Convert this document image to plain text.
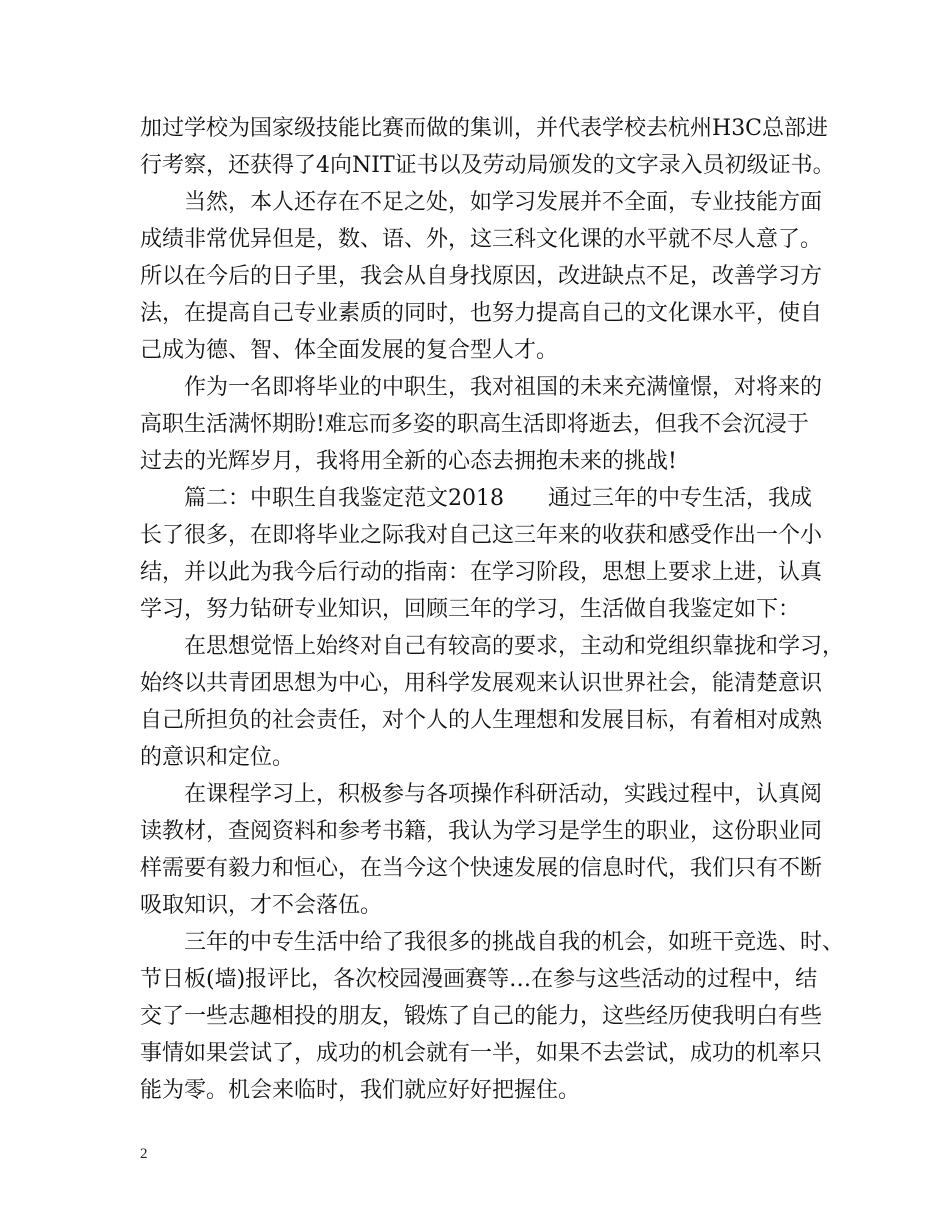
加过学校为国家级技能比赛而做的集训，并代表学校去杭州H3C总部进
行考察，还获得了4向NIT证书以及劳动局颁发的文字录入员初级证书。
当然，本人还存在不足之处，如学习发展并不全面，专业技能方面
成绩非常优异但是，数、语、外，这三科文化课的水平就不尽人意了。
所以在今后的日子里，我会从自身找原因，改进缺点不足，改善学习方
法，在提高自己专业素质的同时，也努力提高自己的文化课水平，使自
己成为德、智、体全面发展的复合型人才。
作为一名即将毕业的中职生，我对祖国的未来充满憧憬，对将来的
高职生活满怀期盼!难忘而多姿的职高生活即将逝去，但我不会沉浸于
过去的光辉岁月，我将用全新的心态去拥抱未来的挑战!
篇二：中职生自我鉴定范文2018　　通过三年的中专生活，我成
长了很多，在即将毕业之际我对自己这三年来的收获和感受作出一个小
结，并以此为我今后行动的指南：在学习阶段，思想上要求上进，认真
学习，努力钻研专业知识，回顾三年的学习，生活做自我鉴定如下：
在思想觉悟上始终对自己有较高的要求，主动和党组织靠拢和学习，
始终以共青团思想为中心，用科学发展观来认识世界社会，能清楚意识
自己所担负的社会责任，对个人的人生理想和发展目标，有着相对成熟
的意识和定位。
在课程学习上，积极参与各项操作科研活动，实践过程中，认真阅
读教材，查阅资料和参考书籍，我认为学习是学生的职业，这份职业同
样需要有毅力和恒心，在当今这个快速发展的信息时代，我们只有不断
吸取知识，才不会落伍。
三年的中专生活中给了我很多的挑战自我的机会，如班干竞选、时、
节日板(墙)报评比，各次校园漫画赛等…在参与这些活动的过程中，结
交了一些志趣相投的朋友，锻炼了自己的能力，这些经历使我明白有些
事情如果尝试了，成功的机会就有一半，如果不去尝试，成功的机率只
能为零。机会来临时，我们就应好好把握住。
2
